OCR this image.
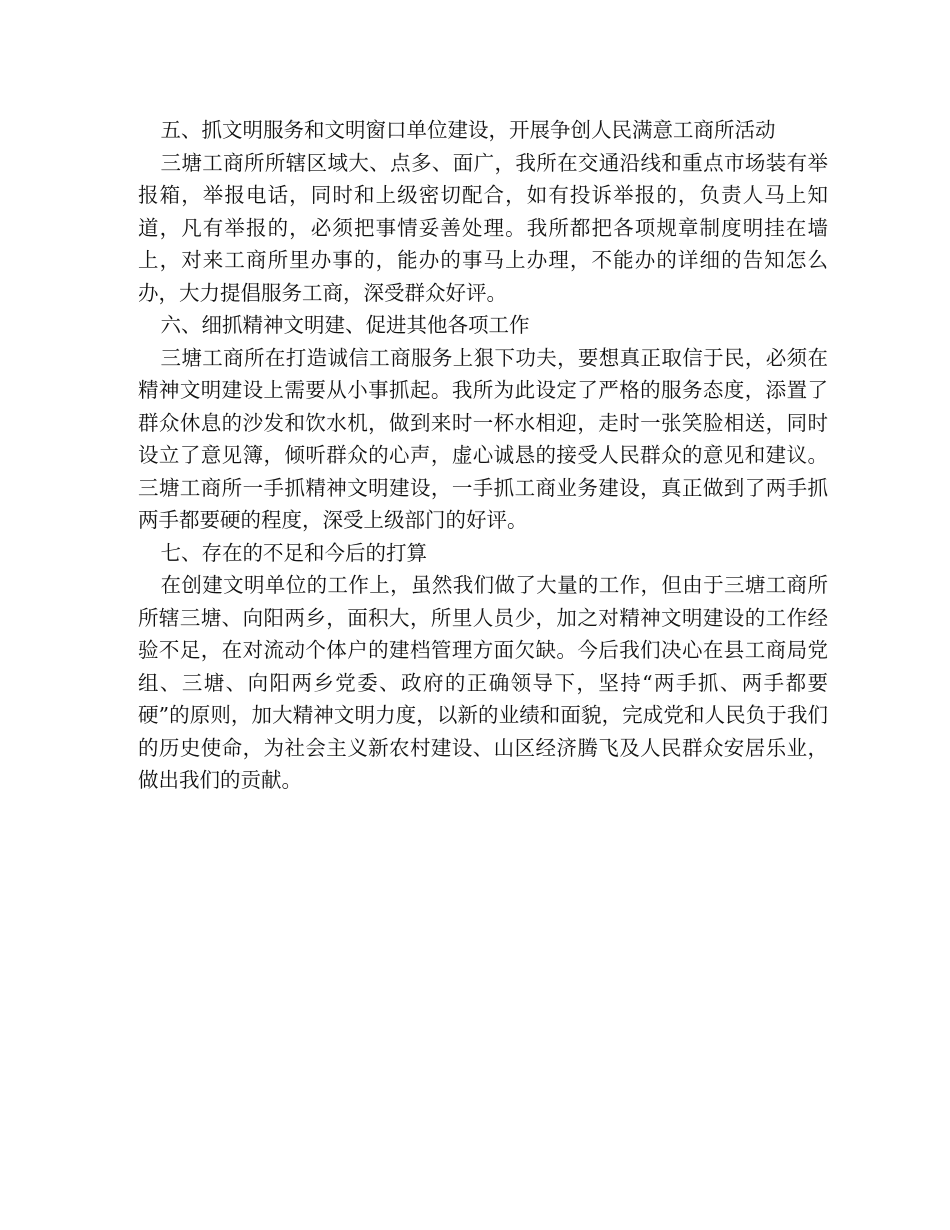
五、抓文明服务和文明窗口单位建设，开展争创人民满意工商所活动

三塘工商所所辖区域大、点多、面广，我所在交通沿线和重点市场装有举报箱，举报电话，同时和上级密切配合，如有投诉举报的，负责人马上知道，凡有举报的，必须把事情妥善处理。我所都把各项规章制度明挂在墙上，对来工商所里办事的，能办的事马上办理，不能办的详细的告知怎么办，大力提倡服务工商，深受群众好评。

六、细抓精神文明建、促进其他各项工作

三塘工商所在打造诚信工商服务上狠下功夫，要想真正取信于民，必须在精神文明建设上需要从小事抓起。我所为此设定了严格的服务态度，添置了群众休息的沙发和饮水机，做到来时一杯水相迎，走时一张笑脸相送，同时设立了意见簿，倾听群众的心声，虚心诚恳的接受人民群众的意见和建议。三塘工商所一手抓精神文明建设，一手抓工商业务建设，真正做到了两手抓两手都要硬的程度，深受上级部门的好评。

七、存在的不足和今后的打算

在创建文明单位的工作上，虽然我们做了大量的工作，但由于三塘工商所所辖三塘、向阳两乡，面积大，所里人员少，加之对精神文明建设的工作经验不足，在对流动个体户的建档管理方面欠缺。今后我们决心在县工商局党组、三塘、向阳两乡党委、政府的正确领导下，坚持“两手抓、两手都要硬”的原则，加大精神文明力度，以新的业绩和面貌，完成党和人民负于我们的历史使命，为社会主义新农村建设、山区经济腾飞及人民群众安居乐业，做出我们的贡献。
